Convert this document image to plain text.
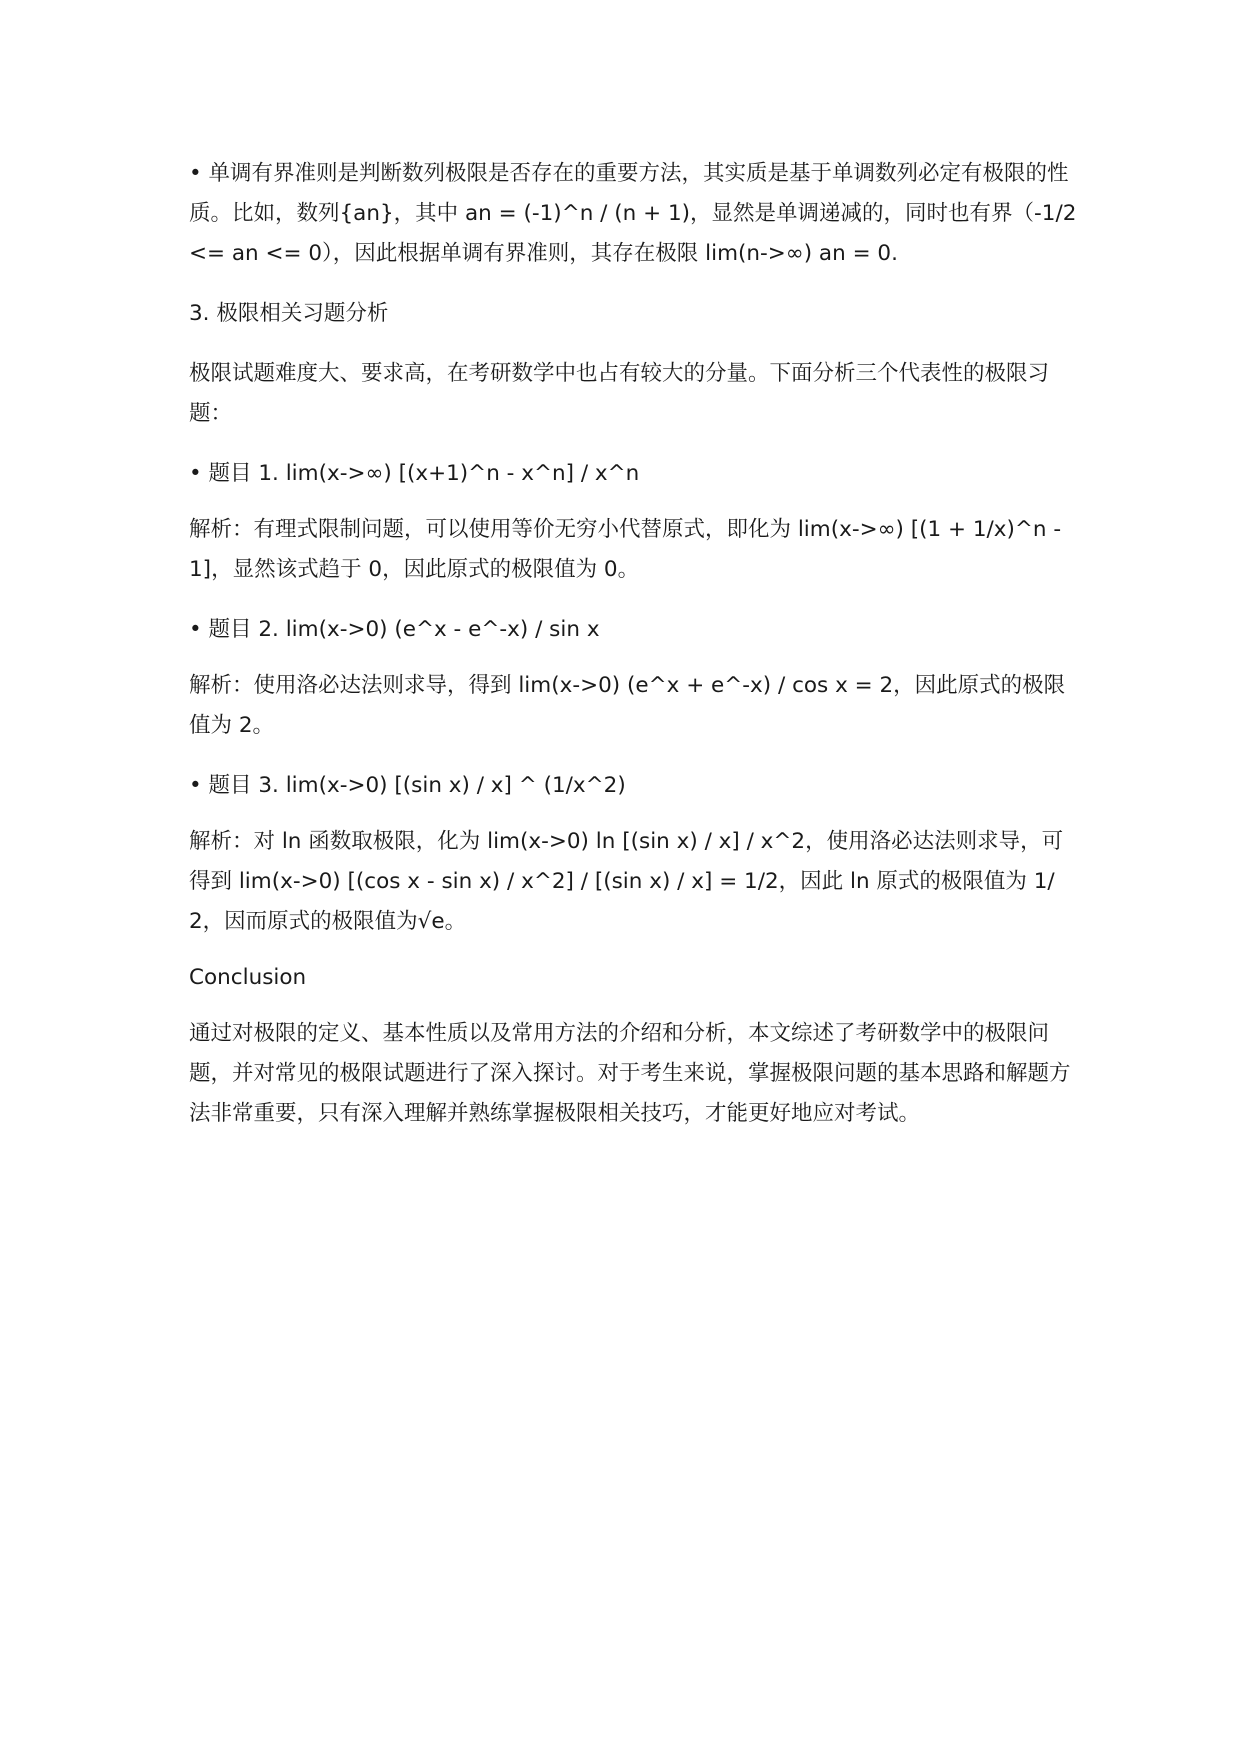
• 单调有界准则是判断数列极限是否存在的重要方法，其实质是基于单调数列必定有极限的性质。比如，数列{an}，其中 an = (-1)^n / (n + 1)，显然是单调递减的，同时也有界（-1/2 <= an <= 0），因此根据单调有界准则，其存在极限 lim(n->∞) an = 0.

3. 极限相关习题分析

极限试题难度大、要求高，在考研数学中也占有较大的分量。下面分析三个代表性的极限习题：

• 题目 1. lim(x->∞) [(x+1)^n - x^n] / x^n

解析：有理式限制问题，可以使用等价无穷小代替原式，即化为 lim(x->∞) [(1 + 1/x)^n - 1]，显然该式趋于 0，因此原式的极限值为 0。

• 题目 2. lim(x->0) (e^x - e^-x) / sin x

解析：使用洛必达法则求导，得到 lim(x->0) (e^x + e^-x) / cos x = 2，因此原式的极限值为 2。

• 题目 3. lim(x->0) [(sin x) / x] ^ (1/x^2)

解析：对 ln 函数取极限，化为 lim(x->0) ln [(sin x) / x] / x^2，使用洛必达法则求导，可得到 lim(x->0) [(cos x - sin x) / x^2] / [(sin x) / x] = 1/2，因此 ln 原式的极限值为 1/2，因而原式的极限值为√e。

Conclusion

通过对极限的定义、基本性质以及常用方法的介绍和分析，本文综述了考研数学中的极限问题，并对常见的极限试题进行了深入探讨。对于考生来说，掌握极限问题的基本思路和解题方法非常重要，只有深入理解并熟练掌握极限相关技巧，才能更好地应对考试。
